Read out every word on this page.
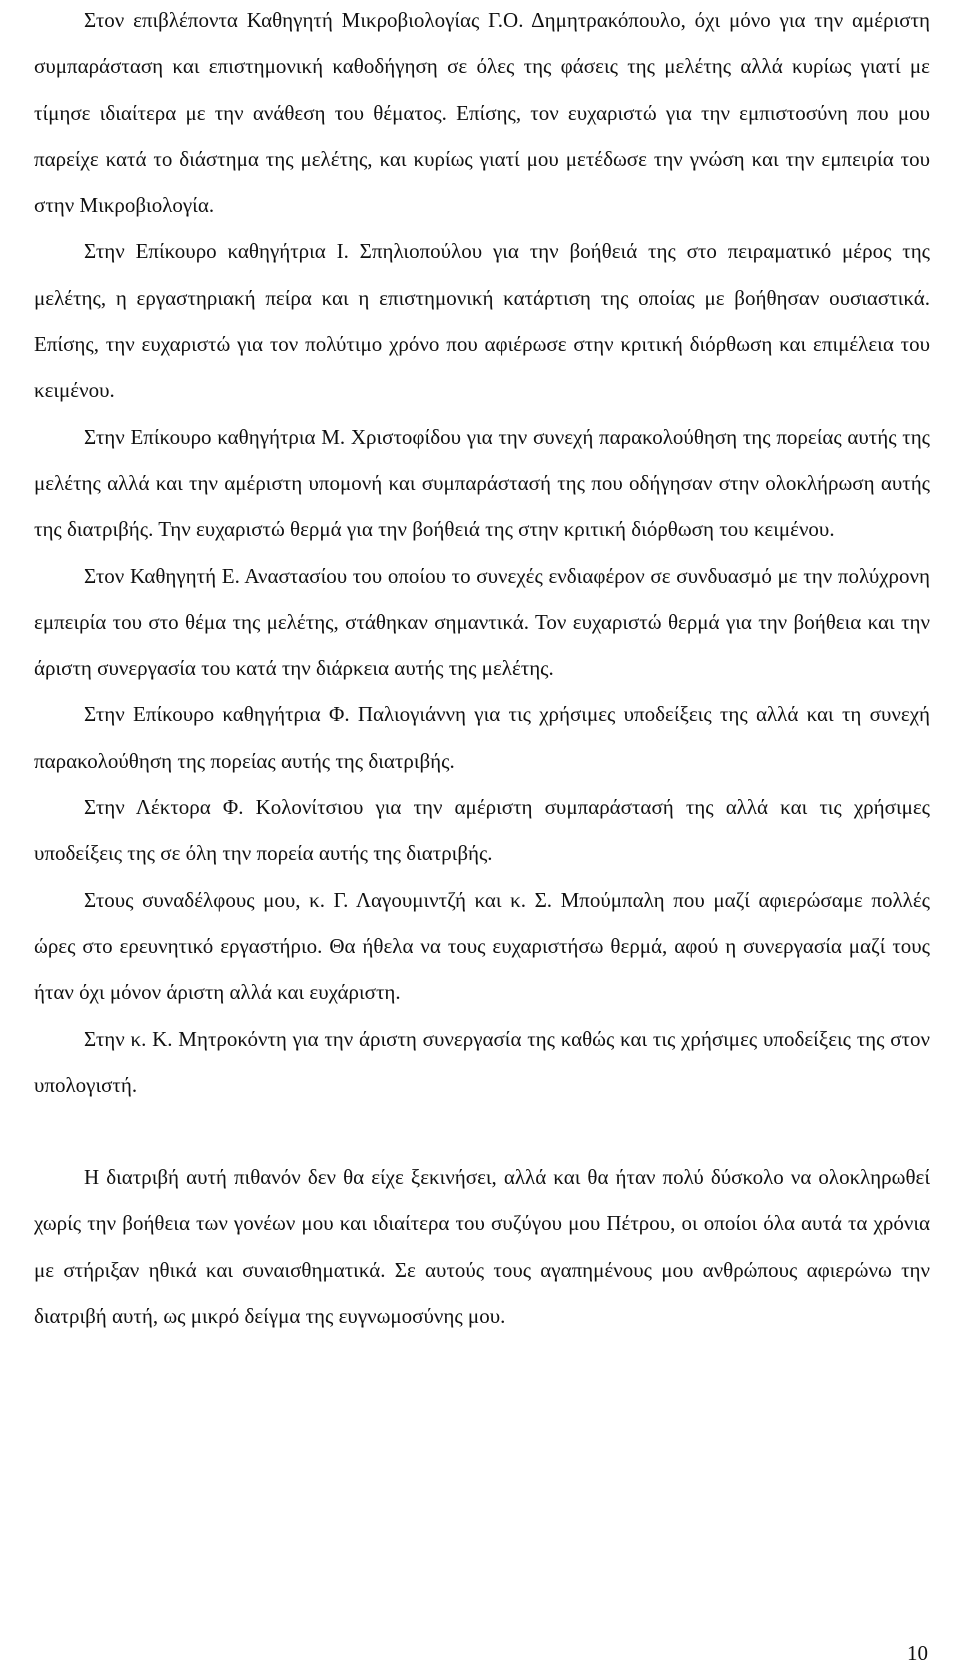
Στον επιβλέποντα Καθηγητή Μικροβιολογίας Γ.Ο. Δημητρακόπουλο, όχι μόνο για την αμέριστη συμπαράσταση και επιστημονική καθοδήγηση σε όλες της φάσεις της μελέτης αλλά κυρίως γιατί με τίμησε ιδιαίτερα με την ανάθεση του θέματος. Επίσης, τον ευχαριστώ για την εμπιστοσύνη που μου παρείχε κατά το διάστημα της μελέτης, και κυρίως γιατί μου μετέδωσε την γνώση και την εμπειρία του στην Μικροβιολογία.

Στην Επίκουρο καθηγήτρια Ι. Σπηλιοπούλου για την βοήθειά της στο πειραματικό μέρος της μελέτης, η εργαστηριακή πείρα και η επιστημονική κατάρτιση της οποίας με βοήθησαν ουσιαστικά. Επίσης, την ευχαριστώ για τον πολύτιμο χρόνο που αφιέρωσε στην κριτική διόρθωση και επιμέλεια του κειμένου.

Στην Επίκουρο καθηγήτρια Μ. Χριστοφίδου για την συνεχή παρακολούθηση της πορείας αυτής της μελέτης αλλά και την αμέριστη υπομονή και συμπαράστασή της που οδήγησαν στην ολοκλήρωση αυτής της διατριβής. Την ευχαριστώ θερμά για την βοήθειά της στην κριτική διόρθωση του κειμένου.

Στον Καθηγητή Ε. Αναστασίου του οποίου το συνεχές ενδιαφέρον σε συνδυασμό με την πολύχρονη εμπειρία του στο θέμα της μελέτης, στάθηκαν σημαντικά. Τον ευχαριστώ θερμά για την βοήθεια και την άριστη συνεργασία του κατά την διάρκεια αυτής της μελέτης.

Στην Επίκουρο καθηγήτρια Φ. Παλιογιάννη για τις χρήσιμες υποδείξεις της αλλά και τη συνεχή παρακολούθηση της πορείας αυτής της διατριβής.

Στην Λέκτορα Φ. Κολονίτσιου για την αμέριστη συμπαράστασή της αλλά και τις χρήσιμες υποδείξεις της σε όλη την πορεία αυτής της διατριβής.

Στους συναδέλφους μου, κ. Γ. Λαγουμιντζή και κ. Σ. Μπούμπαλη που μαζί αφιερώσαμε πολλές ώρες στο ερευνητικό εργαστήριο. Θα ήθελα να τους ευχαριστήσω θερμά, αφού η συνεργασία μαζί τους ήταν όχι μόνον άριστη αλλά και ευχάριστη.

Στην κ. Κ. Μητροκόντη για την άριστη συνεργασία της καθώς και τις χρήσιμες υποδείξεις της στον υπολογιστή.

Η διατριβή αυτή πιθανόν δεν θα είχε ξεκινήσει, αλλά και θα ήταν πολύ δύσκολο να ολοκληρωθεί χωρίς την βοήθεια των γονέων μου και ιδιαίτερα του συζύγου μου Πέτρου, οι οποίοι όλα αυτά τα χρόνια με στήριξαν ηθικά και συναισθηματικά. Σε αυτούς τους αγαπημένους μου ανθρώπους αφιερώνω την διατριβή αυτή, ως μικρό δείγμα της ευγνωμοσύνης μου.

10
